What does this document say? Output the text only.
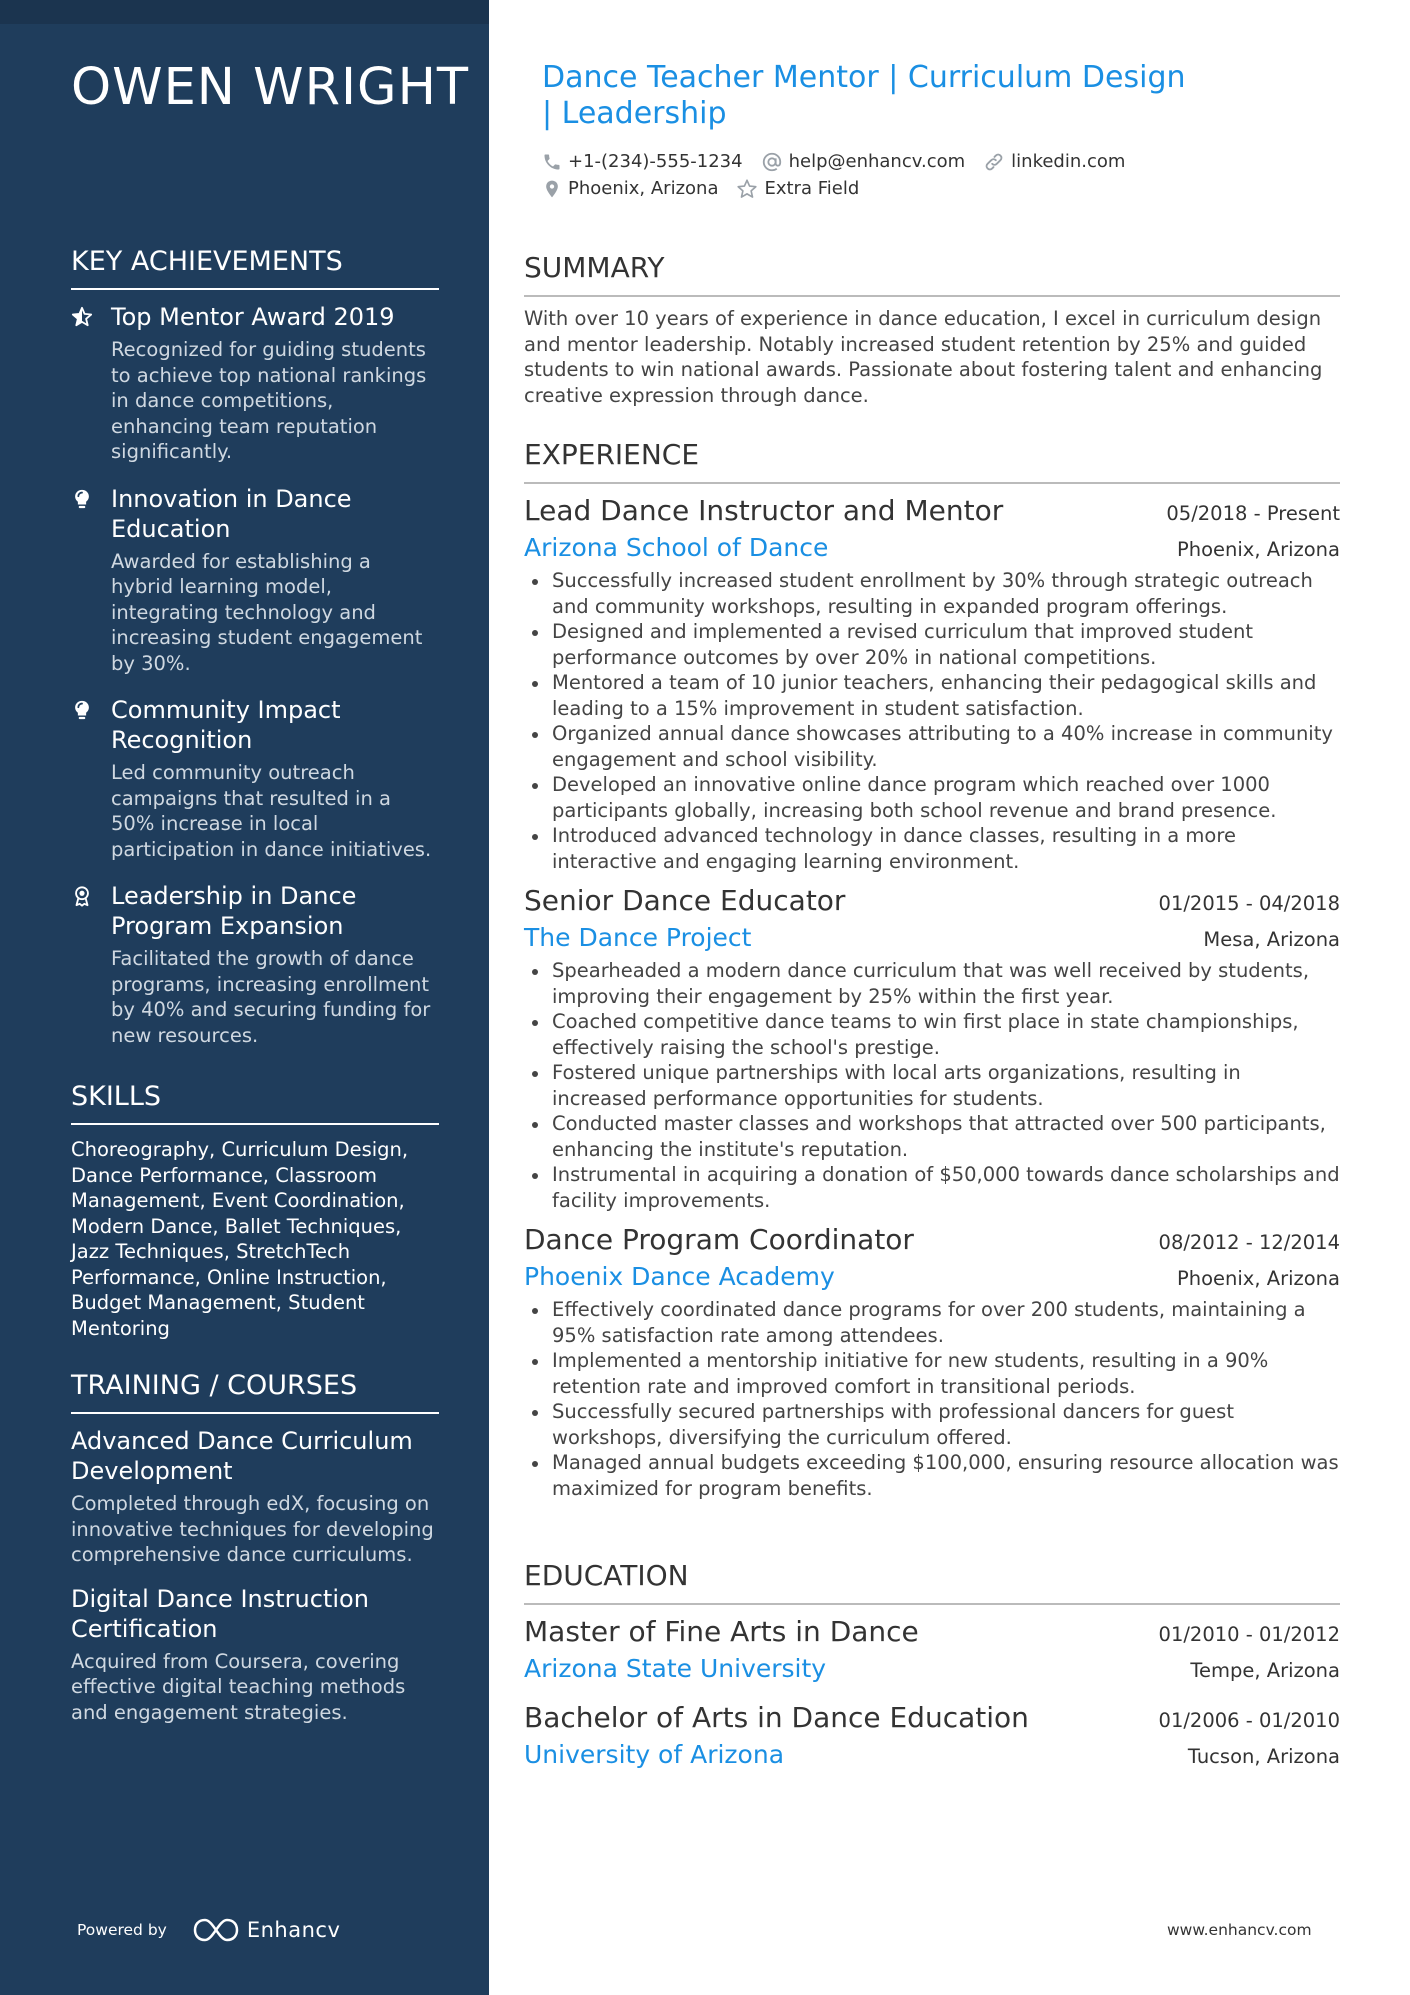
OWEN WRIGHT
KEY ACHIEVEMENTS
Top Mentor Award 2019
Recognized for guiding students to achieve top national rankings in dance competitions, enhancing team reputation significantly.
Innovation in Dance Education
Awarded for establishing a hybrid learning model, integrating technology and increasing student engagement by 30%.
Community Impact Recognition
Led community outreach campaigns that resulted in a 50% increase in local participation in dance initiatives.
Leadership in Dance Program Expansion
Facilitated the growth of dance programs, increasing enrollment by 40% and securing funding for new resources.
SKILLS
Choreography, Curriculum Design, Dance Performance, Classroom Management, Event Coordination, Modern Dance, Ballet Techniques, Jazz Techniques, StretchTech Performance, Online Instruction, Budget Management, Student Mentoring
TRAINING / COURSES
Advanced Dance Curriculum Development
Completed through edX, focusing on innovative techniques for developing comprehensive dance curriculums.
Digital Dance Instruction Certification
Acquired from Coursera, covering effective digital teaching methods and engagement strategies.
Powered by	Enhancv
Dance Teacher Mentor | Curriculum Design | Leadership
+1-(234)-555-1234	help@enhancv.com	linkedin.com
Phoenix, Arizona	Extra Field
SUMMARY
With over 10 years of experience in dance education, I excel in curriculum design and mentor leadership. Notably increased student retention by 25% and guided students to win national awards. Passionate about fostering talent and enhancing creative expression through dance.
EXPERIENCE
Lead Dance Instructor and Mentor	05/2018 - Present
Arizona School of Dance	Phoenix, Arizona
Successfully increased student enrollment by 30% through strategic outreach and community workshops, resulting in expanded program offerings.
Designed and implemented a revised curriculum that improved student performance outcomes by over 20% in national competitions.
Mentored a team of 10 junior teachers, enhancing their pedagogical skills and leading to a 15% improvement in student satisfaction.
Organized annual dance showcases attributing to a 40% increase in community engagement and school visibility.
Developed an innovative online dance program which reached over 1000 participants globally, increasing both school revenue and brand presence.
Introduced advanced technology in dance classes, resulting in a more interactive and engaging learning environment.
Senior Dance Educator	01/2015 - 04/2018
The Dance Project	Mesa, Arizona
Spearheaded a modern dance curriculum that was well received by students, improving their engagement by 25% within the first year.
Coached competitive dance teams to win first place in state championships, effectively raising the school's prestige.
Fostered unique partnerships with local arts organizations, resulting in increased performance opportunities for students.
Conducted master classes and workshops that attracted over 500 participants, enhancing the institute's reputation.
Instrumental in acquiring a donation of $50,000 towards dance scholarships and facility improvements.
Dance Program Coordinator	08/2012 - 12/2014
Phoenix Dance Academy	Phoenix, Arizona
Effectively coordinated dance programs for over 200 students, maintaining a 95% satisfaction rate among attendees.
Implemented a mentorship initiative for new students, resulting in a 90% retention rate and improved comfort in transitional periods.
Successfully secured partnerships with professional dancers for guest workshops, diversifying the curriculum offered.
Managed annual budgets exceeding $100,000, ensuring resource allocation was maximized for program benefits.
EDUCATION
Master of Fine Arts in Dance	01/2010 - 01/2012
Arizona State University	Tempe, Arizona
Bachelor of Arts in Dance Education	01/2006 - 01/2010
University of Arizona	Tucson, Arizona
www.enhancv.com
